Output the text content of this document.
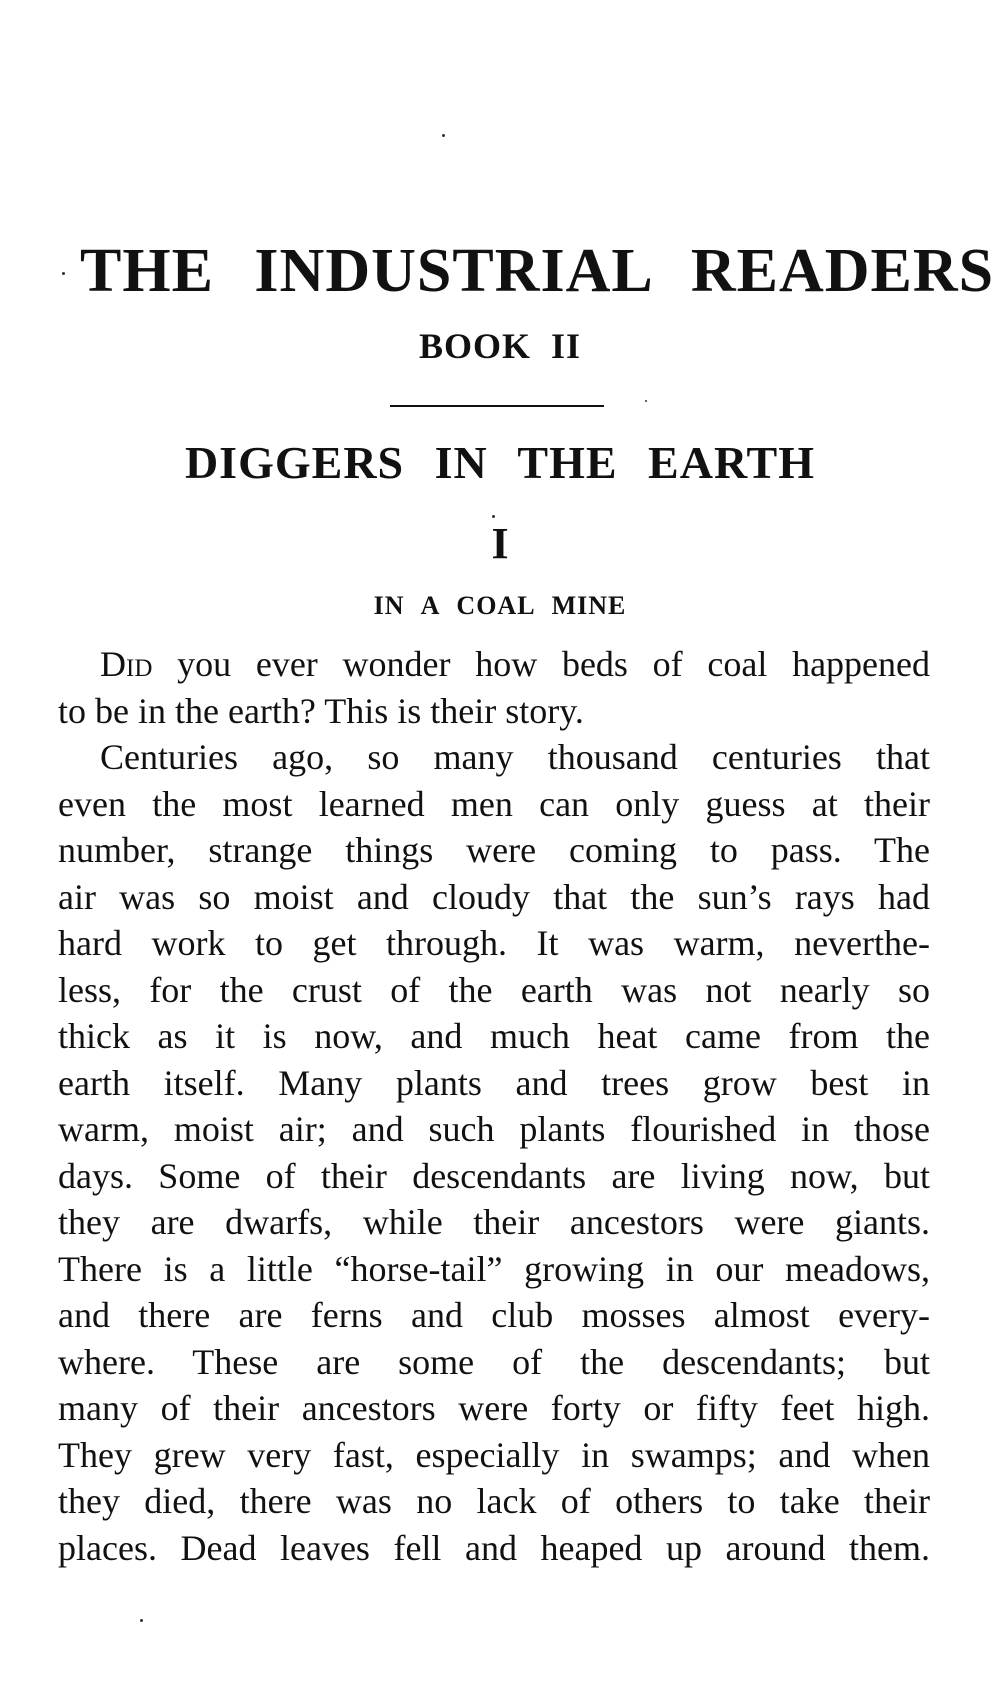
THE INDUSTRIAL READERS
BOOK II
DIGGERS IN THE EARTH
I
IN A COAL MINE
Did you ever wonder how beds of coal happened
to be in the earth? This is their story.
Centuries ago, so many thousand centuries that
even the most learned men can only guess at their
number, strange things were coming to pass. The
air was so moist and cloudy that the sun’s rays had
hard work to get through. It was warm, neverthe-
less, for the crust of the earth was not nearly so
thick as it is now, and much heat came from the
earth itself. Many plants and trees grow best in
warm, moist air; and such plants flourished in those
days. Some of their descendants are living now, but
they are dwarfs, while their ancestors were giants.
There is a little “horse-tail” growing in our meadows,
and there are ferns and club mosses almost every-
where. These are some of the descendants; but
many of their ancestors were forty or fifty feet high.
They grew very fast, especially in swamps; and when
they died, there was no lack of others to take their
places. Dead leaves fell and heaped up around them.
